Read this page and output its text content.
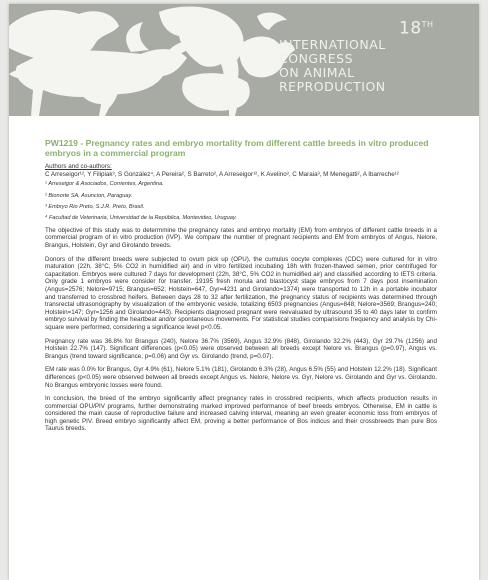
18TH
INTERNATIONAL
CONGRESS
ON ANIMAL
REPRODUCTION

PW1219 - Pregnancy rates and embryo mortality from different cattle breeds in vitro produced embryos in a commercial program

Authors and co-authors:

C Arreseigor¹², Y Filipiak³, S González⁴, A Pereira², S Barreto², A Arreseigor¹², K Avelino³, C Maraia³, M Menegatti², A Ibarreche¹²

¹ Arreseigor & Asociados, Corrientes, Argentina.

² Bionorte SA, Asuncion, Paraguay.

³ Embryo Rio Preto, S.J.R. Preto, Brasil.

⁴ Facultad de Veterinaria, Universidad de la República, Montevideo, Uruguay.

The objective of this study was to determmine the pregnancy rates and embryo mortality (EM) from embryos of different cattle breeds in a commercial program of in vitro production (IVP). We compare the number of pregnant recipients and EM from embryos of Angus, Nelore, Brangus, Holstein, Gyr and Girolando breeds.

Donors of the different breeds were subjected to ovum pick up (OPU), the cumulus oocyte complexes (CDC) were cultured for in vitro maturation (22h, 38°C, 5% CO2 in humidified air) and in vitro fertilized incubating 18h with frozen-thawed semen, prior centrifuged for capacitation. Embryos were cultured 7 days for development (22h, 38°C, 5% CO2 in humidified air) and classified according to IETS criteria. Only grade 1 embryos were consider for transfer. 19195 fresh morula and blastocyst stage embryos from 7 days post insemination (Angus=2576; Nelore=9715; Brangus=652; Holstein=647, Gyr=4231 and Girolando=1374) were transported to 12h in a portable incubator and transferred to crossbred heifers. Between days 28 to 32 after fertilization, the pregnancy status of recipients was determined through transrectal ultrasonography by visualization of the embryonic vesicle, totalizing 6503 pregnancies (Angus=848; Nelore=3569; Brangus=240; Holstein=147; Gyr=1256 and Girolando=443). Recipients diagnosed pregnant were reevaluated by ultrasound 35 to 40 days later to confirm embryo survival by finding the heartbeat and/or spontaneous movements. For statistical studies comparisions frequency and analysis by Chi-square were performed, considering a significance level p<0.05.

Pregnancy rate was 36.8% for Brangus (240), Nelore 36.7% (3569), Angus 32.9% (848), Girolando 32.2% (443), Gyr 29.7% (1256) and Holstein 22.7% (147). Significant differences (p<0.05) were observed between all breeds except Nelore vs. Brangus (p=0.97), Angus vs. Brangus (trend toward significance, p=0.06) and Gyr vs. Girolando (trend, p=0.07).

EM rate was 0.0% for Brangus, Gyr 4.9% (61), Nelore 5.1% (181), Girolando 6.3% (28), Angus 6.5% (55) and Holstein 12.2% (18). Significant differences (p<0.05) were observed between all breeds except Angus vs. Nelore, Nelore vs. Gyr, Nelore vs. Girolando and Gyr vs. Girolando. No Brangus embryonic losses were found.

In conclusion, the breed of the embryo significantly affect pregnancy rates in crossbred recipients, which affects production results in commercial OPU/PIV programs, further demonstrating marked improved performance of beef breeds embryos. Otherwise, EM in cattle is considered the main cause of reproductive failure and increased calving interval, meaning an even greater economic loss from embryos of high genetic PIV. Breed embryo significantly affect EM, proving a better performance of Bos indicus and their crossbreeds than pure Bos Taurus breeds.
